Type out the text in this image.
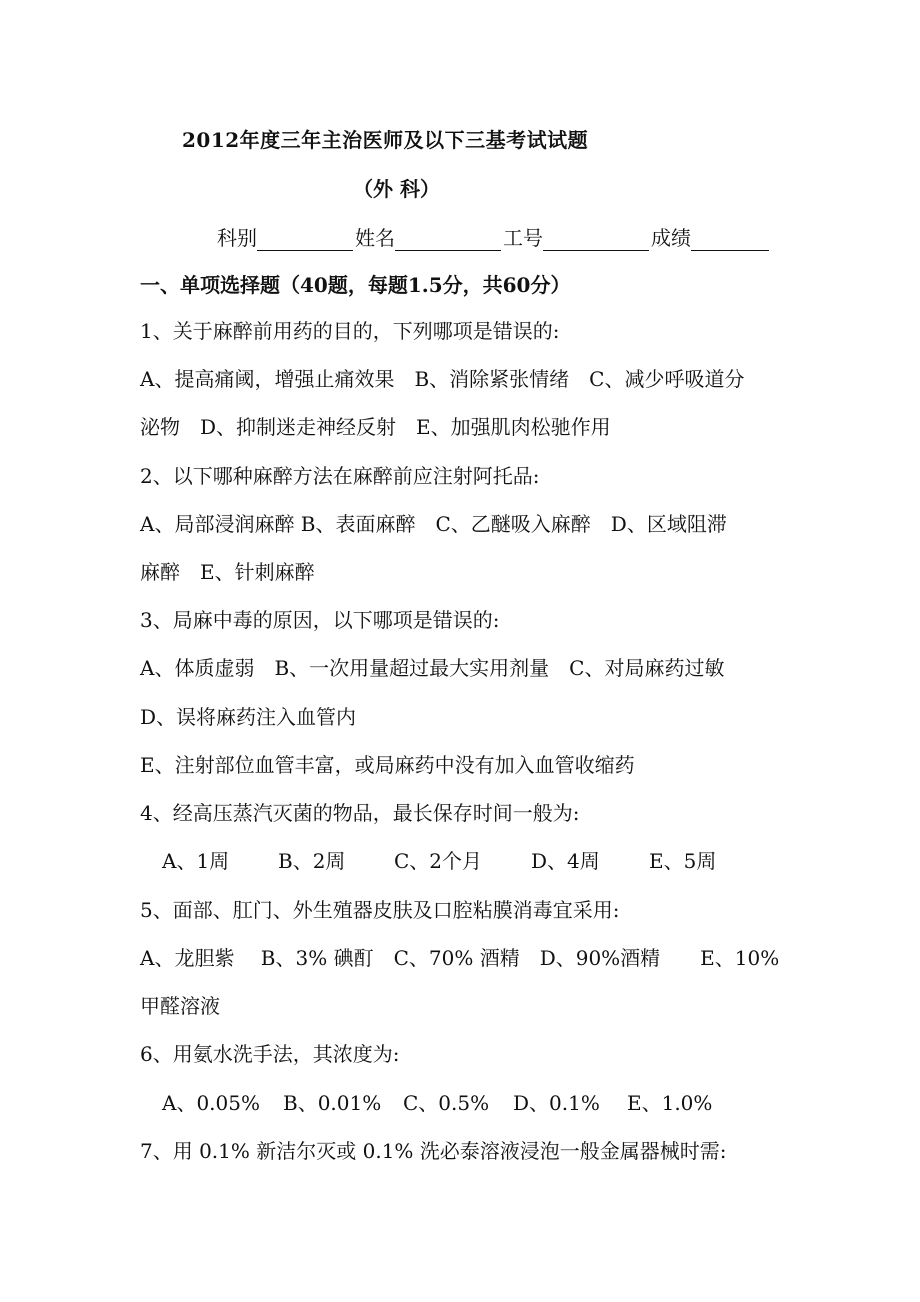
2012年度三年主治医师及以下三基考试试题
（外 科）
科别	姓名	工号	成绩
一、单项选择题（40题，每题1.5分，共60分）
1、关于麻醉前用药的目的，下列哪项是错误的:
A、提高痛阈，增强止痛效果　B、消除紧张情绪　C、减少呼吸道分
泌物　D、抑制迷走神经反射　E、加强肌肉松驰作用
2、以下哪种麻醉方法在麻醉前应注射阿托品:
A、局部浸润麻醉 B、表面麻醉　C、乙醚吸入麻醉　D、区域阻滞
麻醉　E、针刺麻醉
3、局麻中毒的原因，以下哪项是错误的:
A、体质虚弱　B、一次用量超过最大实用剂量　C、对局麻药过敏
D、误将麻药注入血管内
E、注射部位血管丰富，或局麻药中没有加入血管收缩药
4、经高压蒸汽灭菌的物品，最长保存时间一般为:
A、1周 B、2周 C、2个月 D、4周 E、5周
5、面部、肛门、外生殖器皮肤及口腔粘膜消毒宜采用:
A、龙胆紫　 B、3% 碘酊　C、70% 酒精　D、90%酒精　　E、10%
甲醛溶液
6、用氨水洗手法，其浓度为:
A、0.05% B、0.01% C、0.5% D、0.1% E、1.0%
7、用 0.1% 新洁尔灭或 0.1% 洗必泰溶液浸泡一般金属器械时需:
